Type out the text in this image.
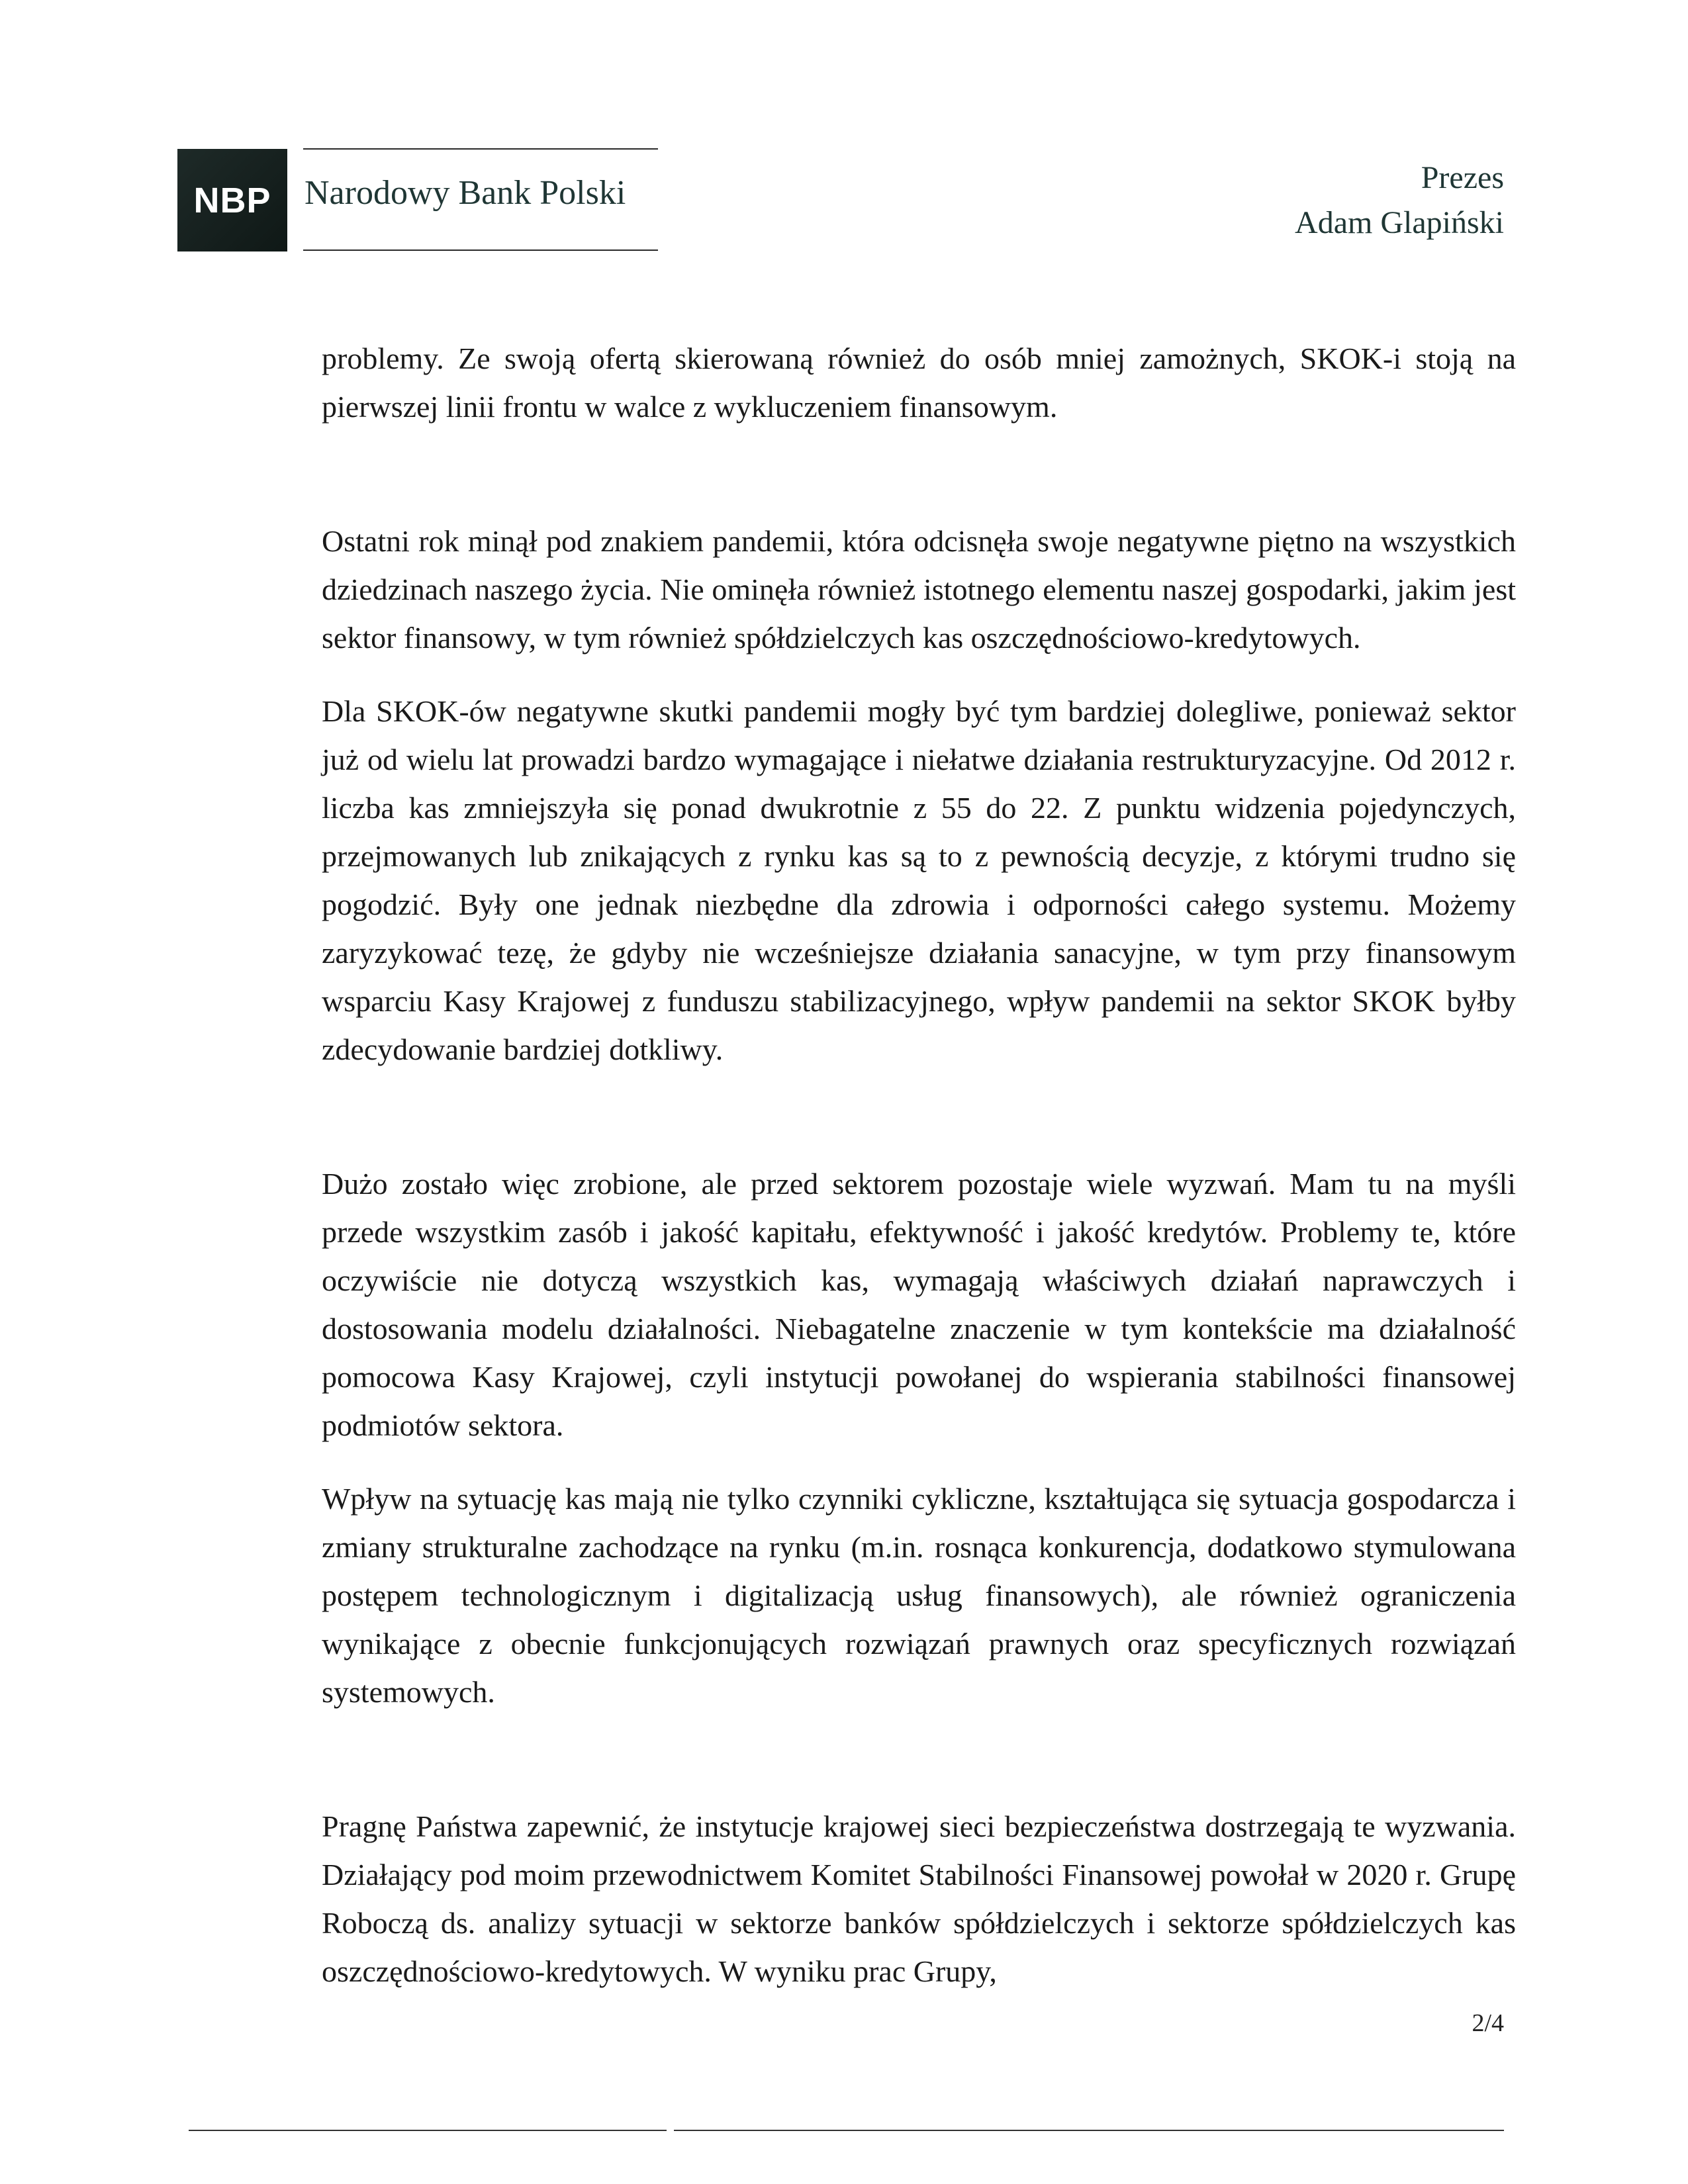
NBP Narodowy Bank Polski	Prezes
Adam Glapiński

problemy. Ze swoją ofertą skierowaną również do osób mniej zamożnych, SKOK-i stoją na pierwszej linii frontu w walce z wykluczeniem finansowym.

Ostatni rok minął pod znakiem pandemii, która odcisnęła swoje negatywne piętno na wszystkich dziedzinach naszego życia. Nie ominęła również istotnego elementu naszej gospodarki, jakim jest sektor finansowy, w tym również spółdzielczych kas oszczędnościowo-kredytowych.

Dla SKOK-ów negatywne skutki pandemii mogły być tym bardziej dolegliwe, ponieważ sektor już od wielu lat prowadzi bardzo wymagające i niełatwe działania restrukturyzacyjne. Od 2012 r. liczba kas zmniejszyła się ponad dwukrotnie z 55 do 22. Z punktu widzenia pojedynczych, przejmowanych lub znikających z rynku kas są to z pewnością decyzje, z którymi trudno się pogodzić. Były one jednak niezbędne dla zdrowia i odporności całego systemu. Możemy zaryzykować tezę, że gdyby nie wcześniejsze działania sanacyjne, w tym przy finansowym wsparciu Kasy Krajowej z funduszu stabilizacyjnego, wpływ pandemii na sektor SKOK byłby zdecydowanie bardziej dotkliwy.

Dużo zostało więc zrobione, ale przed sektorem pozostaje wiele wyzwań. Mam tu na myśli przede wszystkim zasób i jakość kapitału, efektywność i jakość kredytów. Problemy te, które oczywiście nie dotyczą wszystkich kas, wymagają właściwych działań naprawczych i dostosowania modelu działalności. Niebagatelne znaczenie w tym kontekście ma działalność pomocowa Kasy Krajowej, czyli instytucji powołanej do wspierania stabilności finansowej podmiotów sektora.

Wpływ na sytuację kas mają nie tylko czynniki cykliczne, kształtująca się sytuacja gospodarcza i zmiany strukturalne zachodzące na rynku (m.in. rosnąca konkurencja, dodatkowo stymulowana postępem technologicznym i digitalizacją usług finansowych), ale również ograniczenia wynikające z obecnie funkcjonujących rozwiązań prawnych oraz specyficznych rozwiązań systemowych.

Pragnę Państwa zapewnić, że instytucje krajowej sieci bezpieczeństwa dostrzegają te wyzwania. Działający pod moim przewodnictwem Komitet Stabilności Finansowej powołał w 2020 r. Grupę Roboczą ds. analizy sytuacji w sektorze banków spółdzielczych i sektorze spółdzielczych kas oszczędnościowo-kredytowych. W wyniku prac Grupy,

2/4
